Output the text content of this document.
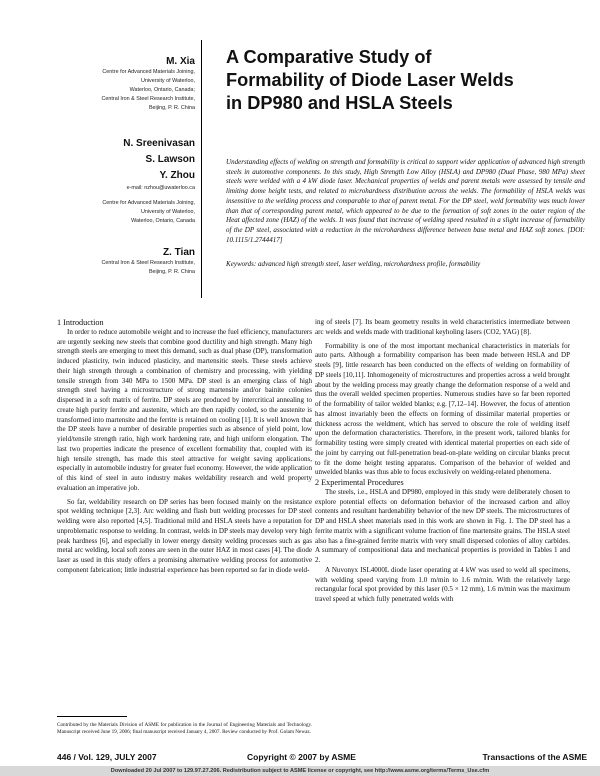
M. Xia

Centre for Advanced Materials Joining,

University of Waterloo,

Waterloo, Ontario, Canada;

Central Iron & Steel Research Institute,

Beijing, P. R. China

N. Sreenivasan

S. Lawson

Y. Zhou

e-mail: nzhou@uwaterloo.ca

Centre for Advanced Materials Joining,

University of Waterloo,

Waterloo, Ontario, Canada

Z. Tian

Central Iron & Steel Research Institute,

Beijing, P. R. China

A Comparative Study of
Formability of Diode Laser Welds
in DP980 and HSLA Steels

Understanding effects of welding on strength and formability is critical to support wider application of advanced high strength steels in automotive components. In this study, High Strength Low Alloy (HSLA) and DP980 (Dual Phase, 980 MPa) sheet steels were welded with a 4 kW diode laser. Mechanical properties of welds and parent metals were assessed by tensile and limiting dome height tests, and related to microhardness distribution across the welds. The formability of HSLA welds was insensitive to the welding process and comparable to that of parent metal. For the DP steel, weld formability was much lower than that of corresponding parent metal, which appeared to be due to the formation of soft zones in the outer region of the Heat affected zone (HAZ) of the welds. It was found that increase of welding speed resulted in a slight increase of formability of the DP steel, associated with a reduction in the microhardness difference between base metal and HAZ soft zones. [DOI: 10.1115/1.2744417]

Keywords: advanced high strength steel, laser welding, microhardness profile, formability

1 Introduction

In order to reduce automobile weight and to increase the fuel efficiency, manufacturers are urgently seeking new steels that combine good ductility and high strength. Many high strength steels are emerging to meet this demand, such as dual phase (DP), transformation induced plasticity, twin induced plasticity, and martensitic steels. These steels achieve their high strength through a combination of chemistry and processing, with yielding tensile strength from 340 MPa to 1500 MPa. DP steel is an emerging class of high strength steel having a microstructure of strong martensite and/or bainite colonies dispersed in a soft matrix of ferrite. DP steels are produced by intercritical annealing to create high purity ferrite and austenite, which are then rapidly cooled, so the austenite is transformed into martensite and the ferrite is retained on cooling [1]. It is well known that the DP steels have a number of desirable properties such as absence of yield point, low yield/tensile strength ratio, high work hardening rate, and high uniform elongation. The last two properties indicate the presence of excellent formability that, coupled with its high tensile strength, has made this steel attractive for weight saving applications, especially in automobile industry for greater fuel economy. However, the wide application of this kind of steel in auto industry makes weldability research and weld property evaluation an imperative job.

So far, weldability research on DP series has been focused mainly on the resistance spot welding technique [2,3]. Arc welding and flash butt welding processes for DP steel welding were also reported [4,5]. Traditional mild and HSLA steels have a reputation for unproblematic response to welding. In contrast, welds in DP steels may develop very high peak hardness [6], and especially in lower energy density welding processes such as gas metal arc welding, local soft zones are seen in the outer HAZ in most cases [4]. The diode laser as used in this study offers a promising alternative welding process for automotive component fabrication; little industrial experience has been reported so far in diode weld-

ing of steels [7]. Its beam geometry results in weld characteristics intermediate between arc welds and welds made with traditional keyholing lasers (CO2, YAG) [8].

Formability is one of the most important mechanical characteristics in materials for auto parts. Although a formability comparison has been made between HSLA and DP steels [9], little research has been conducted on the effects of welding on formability of DP steels [10,11]. Inhomogeneity of microstructures and properties across a weld brought about by the welding process may greatly change the deformation response of a weld and thus the overall welded specimen properties. Numerous studies have so far been reported of the formability of tailor welded blanks; e.g. [7,12–14]. However, the focus of attention has almost invariably been the effects on forming of dissimilar material properties or thickness across the weldment, which has served to obscure the role of welding itself upon the deformation characteristics. Therefore, in the present work, tailored blanks for formability testing were simply created with identical material properties on each side of the joint by carrying out full-penetration bead-on-plate welding on circular blanks precut to fit the dome height testing apparatus. Comparison of the behavior of welded and unwelded blanks was thus able to focus exclusively on welding-related phenomena.

2 Experimental Procedures

The steels, i.e., HSLA and DP980, employed in this study were deliberately chosen to explore potential effects on deformation behavior of the increased carbon and alloy contents and resultant hardenability behavior of the new DP steels. The microstructures of DP and HSLA sheet materials used in this work are shown in Fig. 1. The DP steel has a ferrite matrix with a significant volume fraction of fine martensite grains. The HSLA steel also has a fine-grained ferrite matrix with very small dispersed colonies of alloy carbides. A summary of compositional data and mechanical properties is provided in Tables 1 and 2.

A Nuvonyx ISL4000L diode laser operating at 4 kW was used to weld all specimens, with welding speed varying from 1.0 m/min to 1.6 m/min. With the relatively large rectangular focal spot provided by this laser (0.5 × 12 mm), 1.6 m/min was the maximum travel speed at which fully penetrated welds with

Contributed by the Materials Division of ASME for publication in the Journal of Engineering Materials and Technology. Manuscript received June 19, 2006; final manuscript received January 4, 2007. Review conducted by Prof. Golam Newaz.

446 / Vol. 129, JULY 2007	Copyright © 2007 by ASME	Transactions of the ASME
Downloaded 20 Jul 2007 to 129.97.27.206. Redistribution subject to ASME license or copyright, see http://www.asme.org/terms/Terms_Use.cfm
